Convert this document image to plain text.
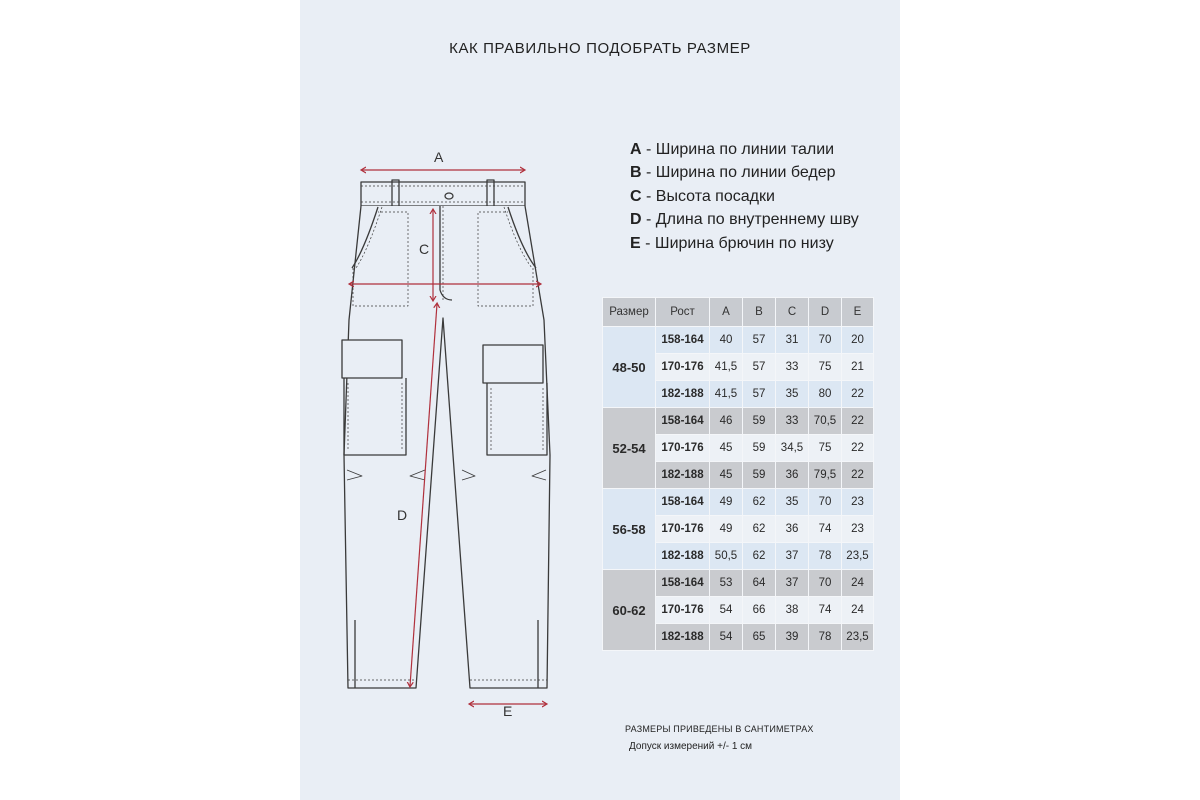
КАК ПРАВИЛЬНО ПОДОБРАТЬ РАЗМЕР
A
C
D
E
A - Ширина по линии талии
B - Ширина по линии бедер
C - Высота посадки
D - Длина по внутреннему шву
E - Ширина брючин по низу
Размер	Рост	A	B	C	D	E
48-50	158-164	40	57	31	70	20
	170-176	41,5	57	33	75	21
	182-188	41,5	57	35	80	22
52-54	158-164	46	59	33	70,5	22
	170-176	45	59	34,5	75	22
	182-188	45	59	36	79,5	22
56-58	158-164	49	62	35	70	23
	170-176	49	62	36	74	23
	182-188	50,5	62	37	78	23,5
60-62	158-164	53	64	37	70	24
	170-176	54	66	38	74	24
	182-188	54	65	39	78	23,5
РАЗМЕРЫ ПРИВЕДЕНЫ В САНТИМЕТРАХ
Допуск измерений +/- 1 см
